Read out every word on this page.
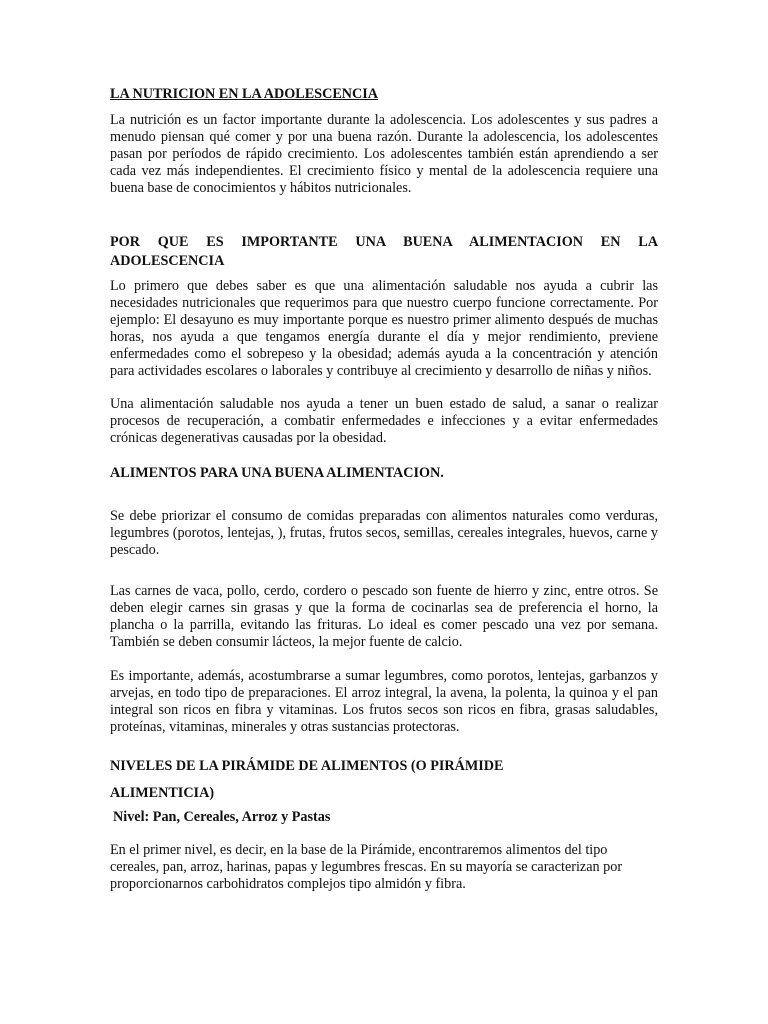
LA NUTRICION EN LA ADOLESCENCIA

La nutrición es un factor importante durante la adolescencia. Los adolescentes y sus padres a menudo piensan qué comer y por una buena razón. Durante la adolescencia, los adolescentes pasan por períodos de rápido crecimiento. Los adolescentes también están aprendiendo a ser cada vez más independientes. El crecimiento físico y mental de la adolescencia requiere una buena base de conocimientos y hábitos nutricionales.

POR QUE ES IMPORTANTE UNA BUENA ALIMENTACION EN LA ADOLESCENCIA

Lo primero que debes saber es que una alimentación saludable nos ayuda a cubrir las necesidades nutricionales que requerimos para que nuestro cuerpo funcione correctamente. Por ejemplo: El desayuno es muy importante porque es nuestro primer alimento después de muchas horas, nos ayuda a que tengamos energía durante el día y mejor rendimiento, previene enfermedades como el sobrepeso y la obesidad; además ayuda a la concentración y atención para actividades escolares o laborales y contribuye al crecimiento y desarrollo de niñas y niños.

Una alimentación saludable nos ayuda a tener un buen estado de salud, a sanar o realizar procesos de recuperación, a combatir enfermedades e infecciones y a evitar enfermedades crónicas degenerativas causadas por la obesidad.

ALIMENTOS PARA UNA BUENA ALIMENTACION.

Se debe priorizar el consumo de comidas preparadas con alimentos naturales como verduras, legumbres (porotos, lentejas, ), frutas, frutos secos, semillas, cereales integrales, huevos, carne y pescado.

Las carnes de vaca, pollo, cerdo, cordero o pescado son fuente de hierro y zinc, entre otros. Se deben elegir carnes sin grasas y que la forma de cocinarlas sea de preferencia el horno, la plancha o la parrilla, evitando las frituras. Lo ideal es comer pescado una vez por semana. También se deben consumir lácteos, la mejor fuente de calcio.

Es importante, además, acostumbrarse a sumar legumbres, como porotos, lentejas, garbanzos y arvejas, en todo tipo de preparaciones. El arroz integral, la avena, la polenta, la quinoa y el pan integral son ricos en fibra y vitaminas. Los frutos secos son ricos en fibra, grasas saludables, proteínas, vitaminas, minerales y otras sustancias protectoras.

NIVELES DE LA PIRÁMIDE DE ALIMENTOS (O PIRÁMIDE ALIMENTICIA)
Nivel: Pan, Cereales, Arroz y Pastas

En el primer nivel, es decir, en la base de la Pirámide, encontraremos alimentos del tipo cereales, pan, arroz, harinas, papas y legumbres frescas. En su mayoría se caracterizan por proporcionarnos carbohidratos complejos tipo almidón y fibra.
